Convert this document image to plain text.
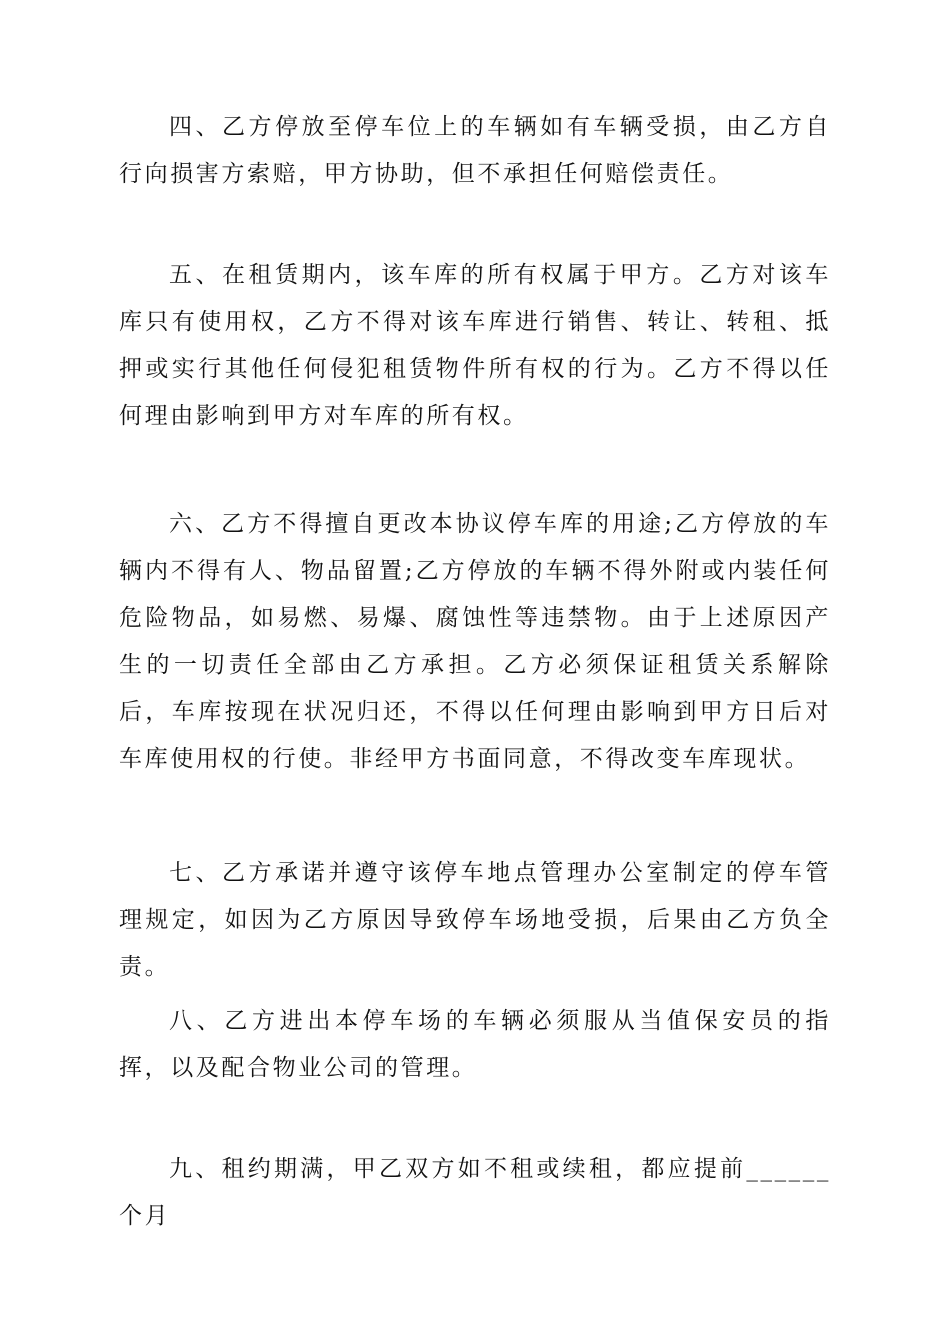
四、乙方停放至停车位上的车辆如有车辆受损，由乙方自行向损害方索赔，甲方协助，但不承担任何赔偿责任。

五、在租赁期内，该车库的所有权属于甲方。乙方对该车库只有使用权，乙方不得对该车库进行销售、转让、转租、抵押或实行其他任何侵犯租赁物件所有权的行为。乙方不得以任何理由影响到甲方对车库的所有权。

六、乙方不得擅自更改本协议停车库的用途;乙方停放的车辆内不得有人、物品留置;乙方停放的车辆不得外附或内装任何危险物品，如易燃、易爆、腐蚀性等违禁物。由于上述原因产生的一切责任全部由乙方承担。乙方必须保证租赁关系解除后，车库按现在状况归还，不得以任何理由影响到甲方日后对车库使用权的行使。非经甲方书面同意，不得改变车库现状。

七、乙方承诺并遵守该停车地点管理办公室制定的停车管理规定，如因为乙方原因导致停车场地受损，后果由乙方负全责。

八、乙方进出本停车场的车辆必须服从当值保安员的指挥，以及配合物业公司的管理。

九、租约期满，甲乙双方如不租或续租，都应提前______个月
